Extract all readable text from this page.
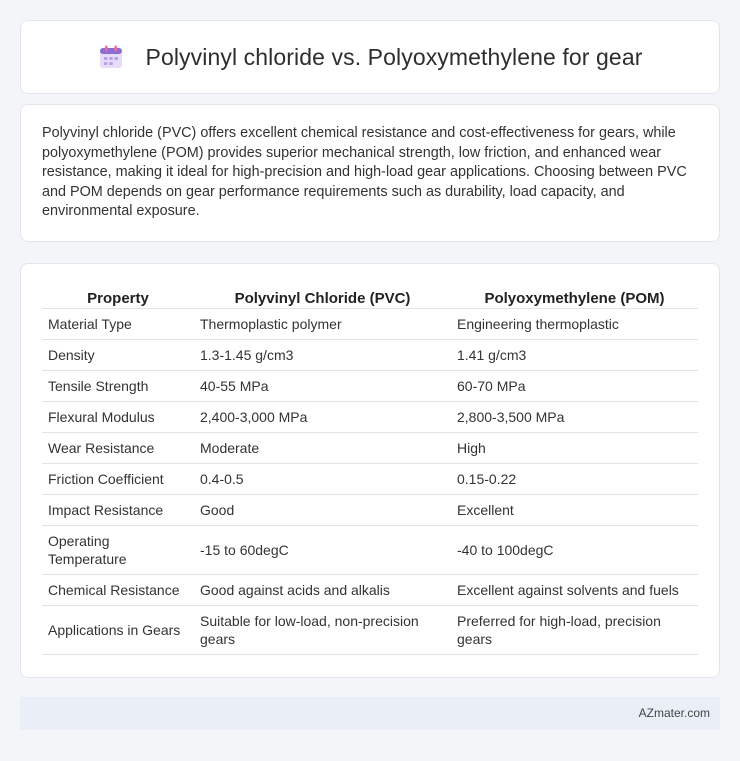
Polyvinyl chloride vs. Polyoxymethylene for gear

Polyvinyl chloride (PVC) offers excellent chemical resistance and cost-effectiveness for gears, while polyoxymethylene (POM) provides superior mechanical strength, low friction, and enhanced wear resistance, making it ideal for high-precision and high-load gear applications. Choosing between PVC and POM depends on gear performance requirements such as durability, load capacity, and environmental exposure.

Property	Polyvinyl Chloride (PVC)	Polyoxymethylene (POM)
Material Type	Thermoplastic polymer	Engineering thermoplastic
Density	1.3-1.45 g/cm3	1.41 g/cm3
Tensile Strength	40-55 MPa	60-70 MPa
Flexural Modulus	2,400-3,000 MPa	2,800-3,500 MPa
Wear Resistance	Moderate	High
Friction Coefficient	0.4-0.5	0.15-0.22
Impact Resistance	Good	Excellent
Operating Temperature	-15 to 60degC	-40 to 100degC
Chemical Resistance	Good against acids and alkalis	Excellent against solvents and fuels
Applications in Gears	Suitable for low-load, non-precision gears	Preferred for high-load, precision gears
AZmater.com
